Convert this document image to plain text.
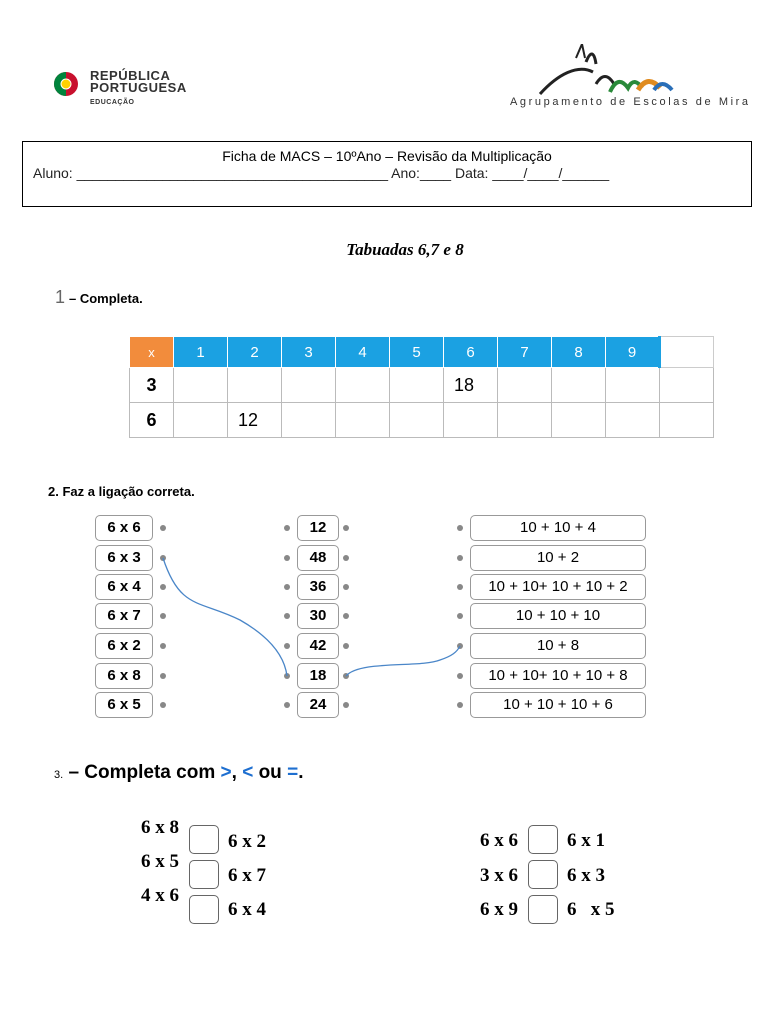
REPÚBLICA
PORTUGUESA
EDUCAÇÃO	Agrupamento de Escolas de Mira
Ficha de MACS – 10ºAno – Revisão da Multiplicação
Aluno: ________________________________________ Ano:____ Data: ____/____/______
Tabuadas 6,7 e 8
1 – Completa.
x	1	2	3	4	5	6	7	8	9	
3						18				
6		12								
2. Faz a ligação correta.
6 x 6
6 x 3
6 x 4
6 x 7
6 x 2
6 x 8
6 x 5
12
48
36
30
42
18
24
10 + 10 + 4
10 + 2
10 + 10+ 10 + 10 + 2
10 + 10 + 10
10 + 8
10 + 10+ 10 + 10 + 8
10 + 10 + 10 + 6
3. – Completa com >, < ou =.
6 x 8
6 x 2
6 x 5
6 x 7
4 x 6
6 x 4
6 x 6	6 x 1
3 x 6	6 x 3
6 x 9	6   x 5
